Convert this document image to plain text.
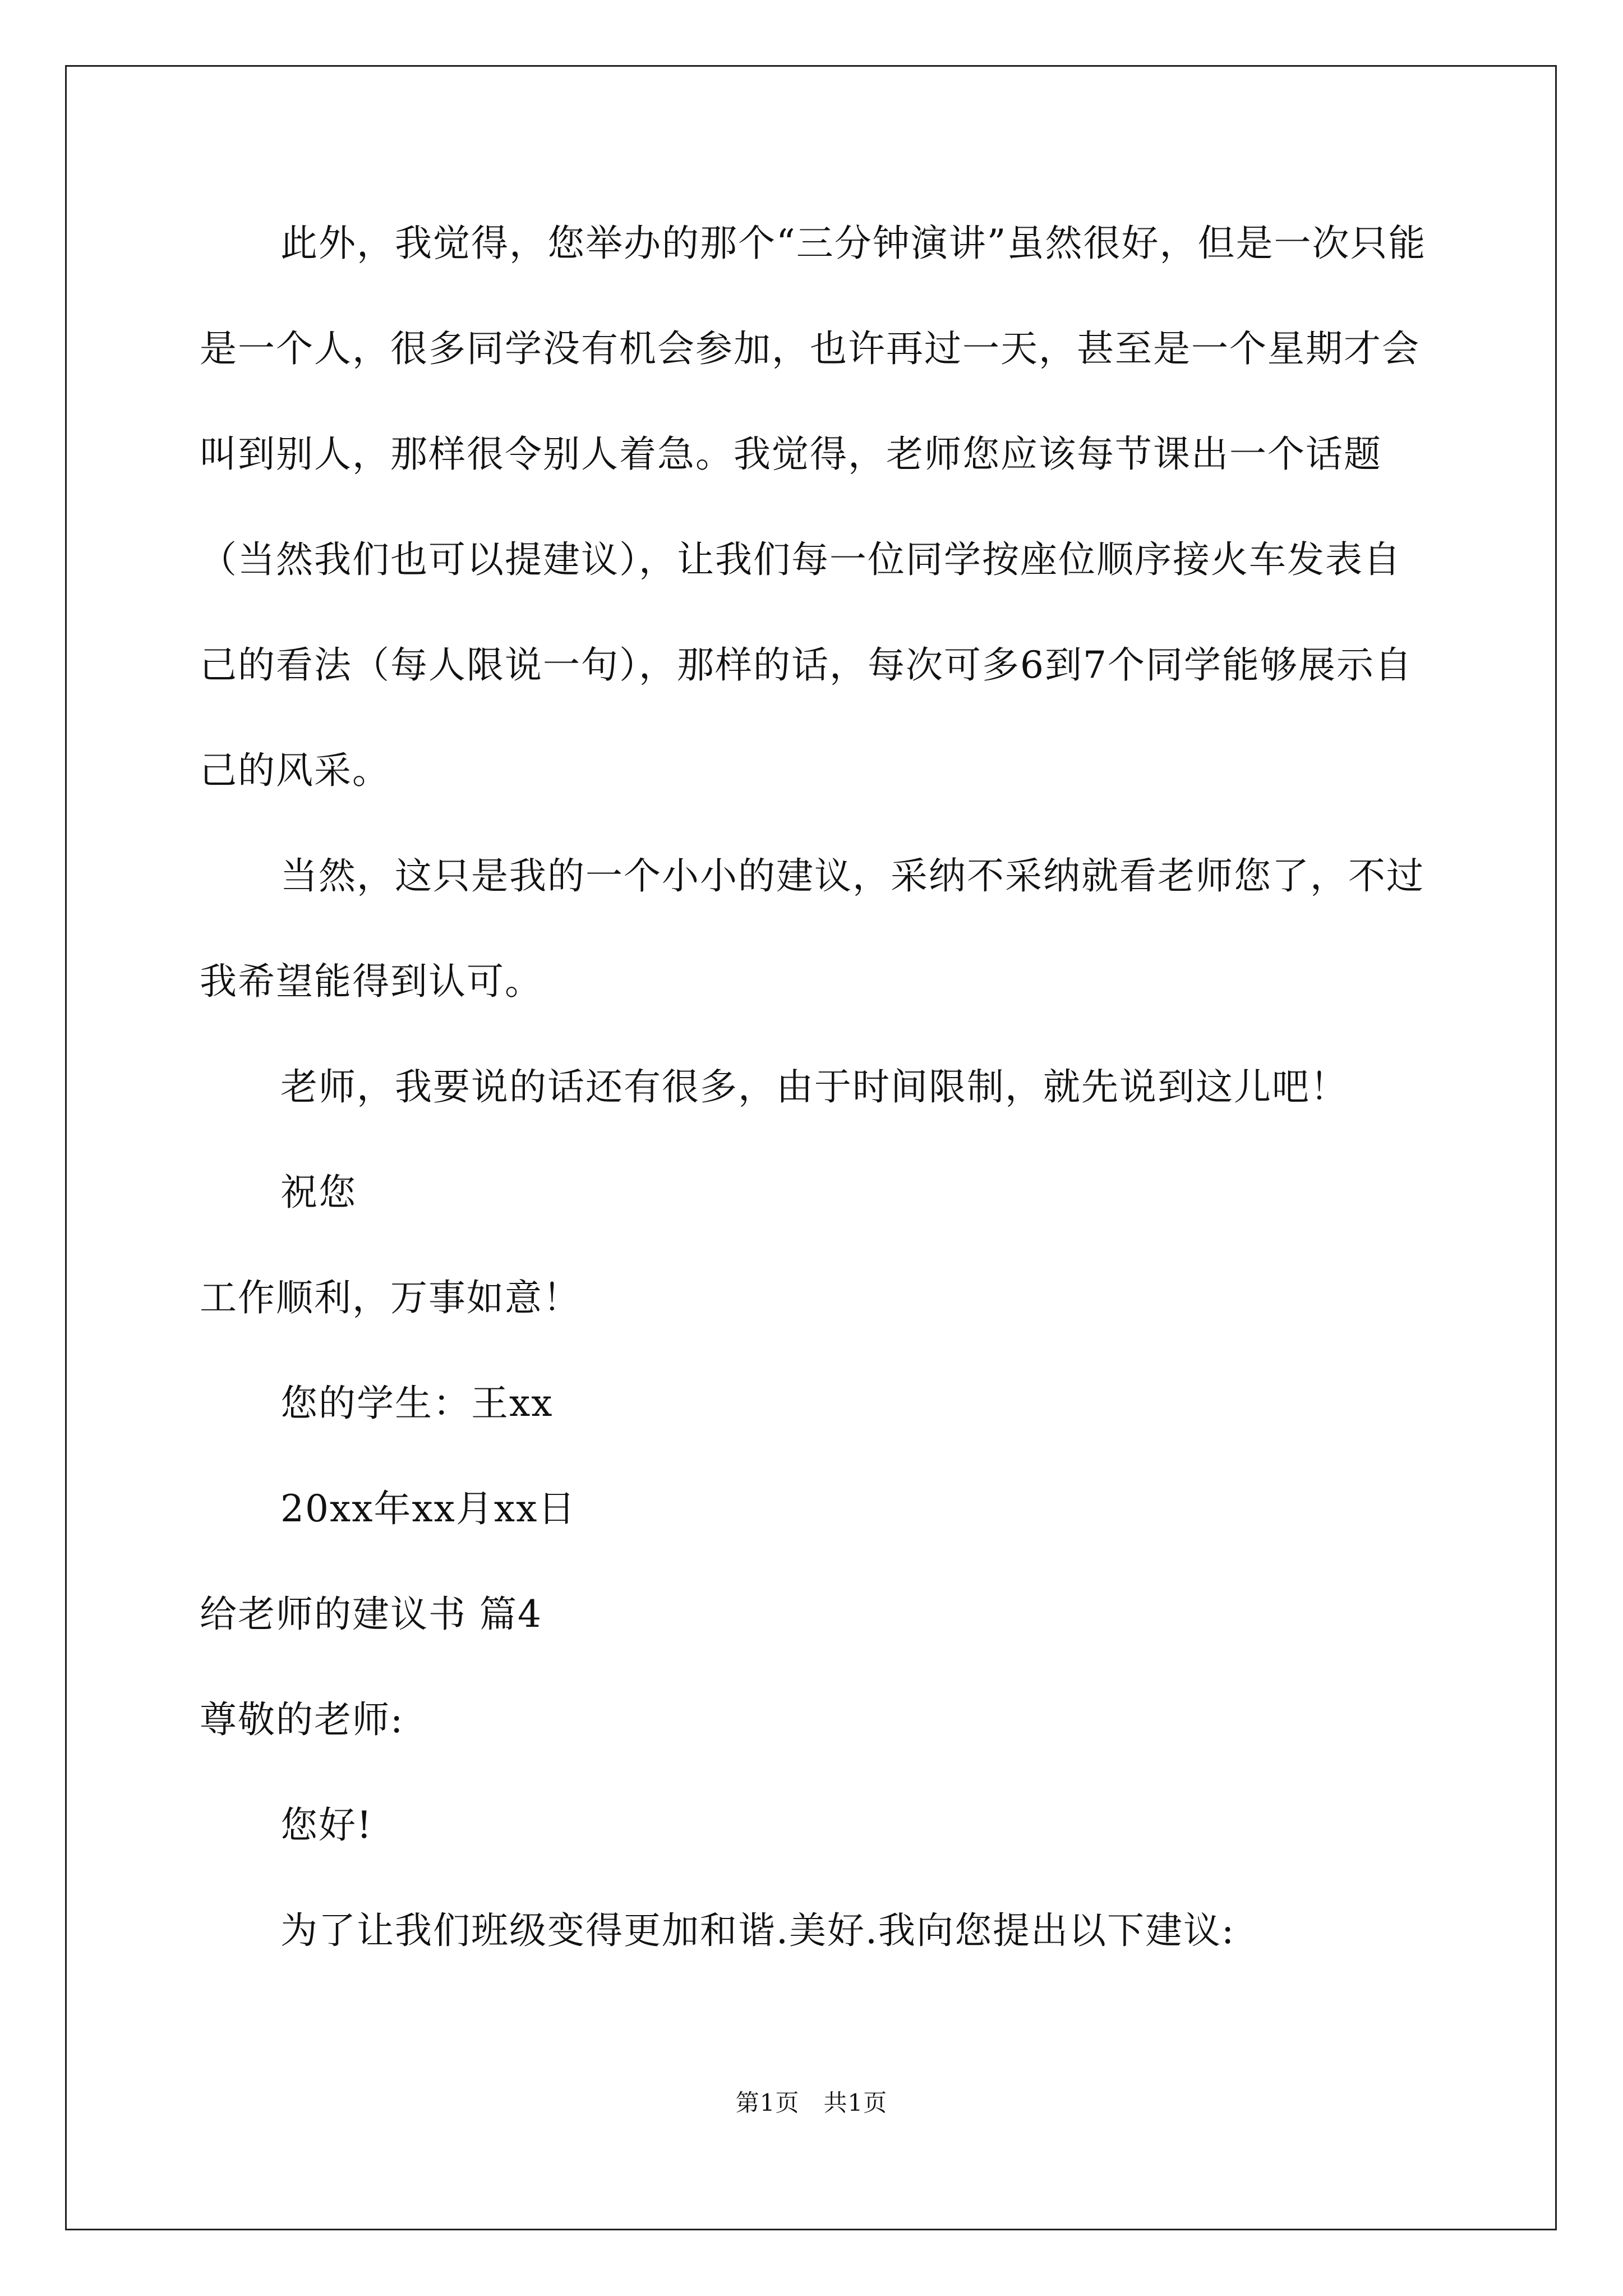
此外，我觉得，您举办的那个“三分钟演讲”虽然很好，但是一次只能是一个人，很多同学没有机会参加，也许再过一天，甚至是一个星期才会叫到别人，那样很令别人着急。我觉得，老师您应该每节课出一个话题（当然我们也可以提建议），让我们每一位同学按座位顺序接火车发表自己的看法（每人限说一句），那样的话，每次可多6到7个同学能够展示自己的风采。

当然，这只是我的一个小小的建议，采纳不采纳就看老师您了，不过我希望能得到认可。

老师，我要说的话还有很多，由于时间限制，就先说到这儿吧！

祝您

工作顺利，万事如意！

您的学生：王xx

20xx年xx月xx日

给老师的建议书 篇4

尊敬的老师:

您好!

为了让我们班级变得更加和谐.美好.我向您提出以下建议:

第1页　共1页
